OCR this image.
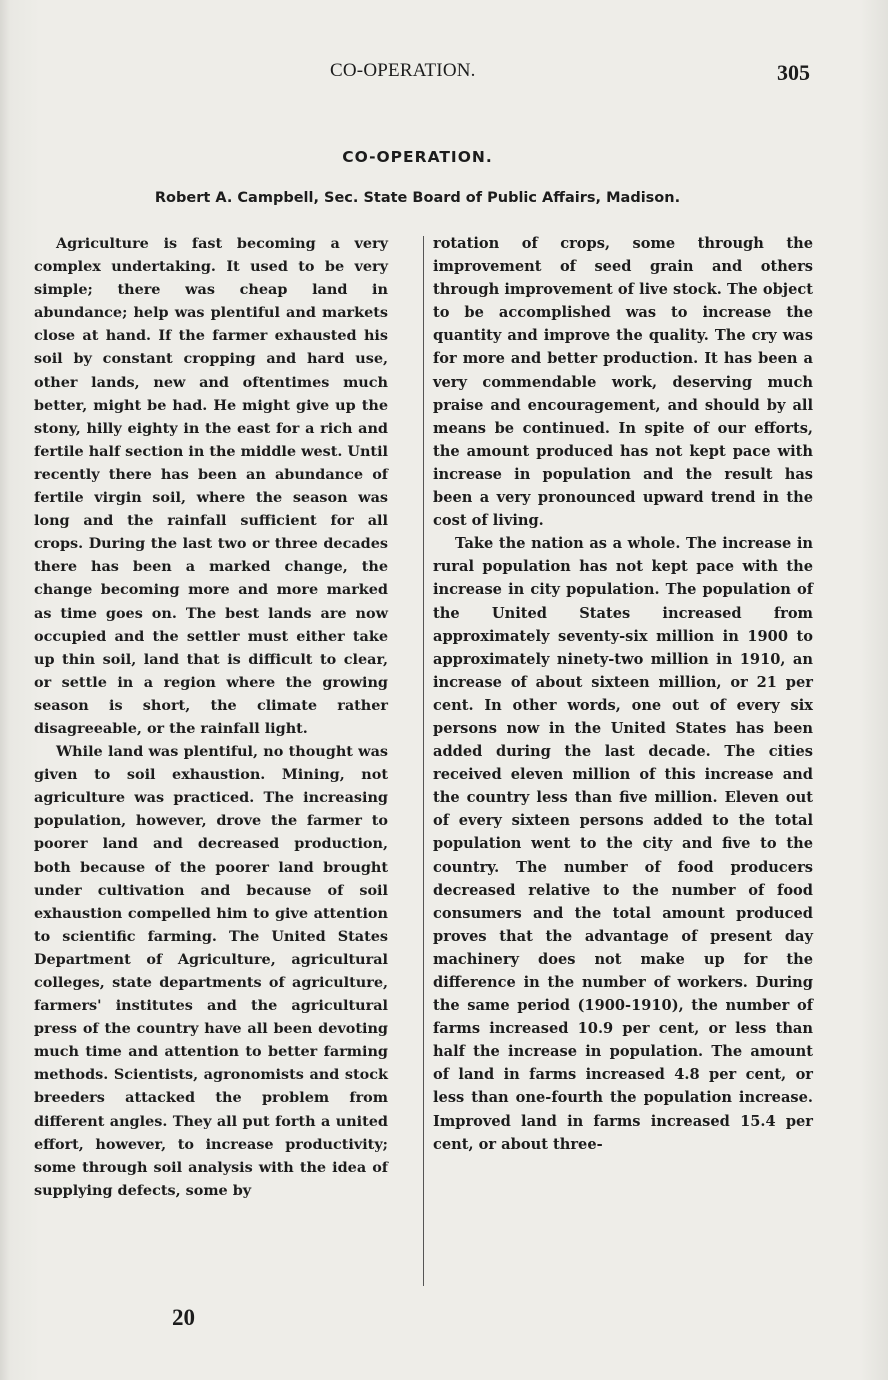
CO-OPERATION.	305
CO-OPERATION.
Robert A. Campbell, Sec. State Board of Public Affairs, Madison.

Agriculture is fast becoming a very complex undertaking. It used to be very simple; there was cheap land in abundance; help was plentiful and markets close at hand. If the farmer exhausted his soil by constant cropping and hard use, other lands, new and oftentimes much better, might be had. He might give up the stony, hilly eighty in the east for a rich and fertile half section in the middle west. Until recently there has been an abundance of fertile virgin soil, where the season was long and the rainfall sufficient for all crops. During the last two or three decades there has been a marked change, the change becoming more and more marked as time goes on. The best lands are now occupied and the settler must either take up thin soil, land that is difficult to clear, or settle in a region where the growing season is short, the climate rather disagreeable, or the rainfall light.

While land was plentiful, no thought was given to soil exhaustion. Mining, not agriculture was practiced. The increasing population, however, drove the farmer to poorer land and decreased production, both because of the poorer land brought under cultivation and because of soil exhaustion compelled him to give attention to scientific farming. The United States Department of Agriculture, agricultural colleges, state departments of agriculture, farmers' institutes and the agricultural press of the country have all been devoting much time and attention to better farming methods. Scientists, agronomists and stock breeders attacked the problem from different angles. They all put forth a united effort, however, to increase productivity; some through soil analysis with the idea of supplying defects, some by

rotation of crops, some through the improvement of seed grain and others through improvement of live stock. The object to be accomplished was to increase the quantity and improve the quality. The cry was for more and better production. It has been a very commendable work, deserving much praise and encouragement, and should by all means be continued. In spite of our efforts, the amount produced has not kept pace with increase in population and the result has been a very pronounced upward trend in the cost of living.

Take the nation as a whole. The increase in rural population has not kept pace with the increase in city population. The population of the United States increased from approximately seventy-six million in 1900 to approximately ninety-two million in 1910, an increase of about sixteen million, or 21 per cent. In other words, one out of every six persons now in the United States has been added during the last decade. The cities received eleven million of this increase and the country less than five million. Eleven out of every sixteen persons added to the total population went to the city and five to the country. The number of food producers decreased relative to the number of food consumers and the total amount produced proves that the advantage of present day machinery does not make up for the difference in the number of workers. During the same period (1900-1910), the number of farms increased 10.9 per cent, or less than half the increase in population. The amount of land in farms increased 4.8 per cent, or less than one-fourth the population increase. Improved land in farms increased 15.4 per cent, or about three-

20
